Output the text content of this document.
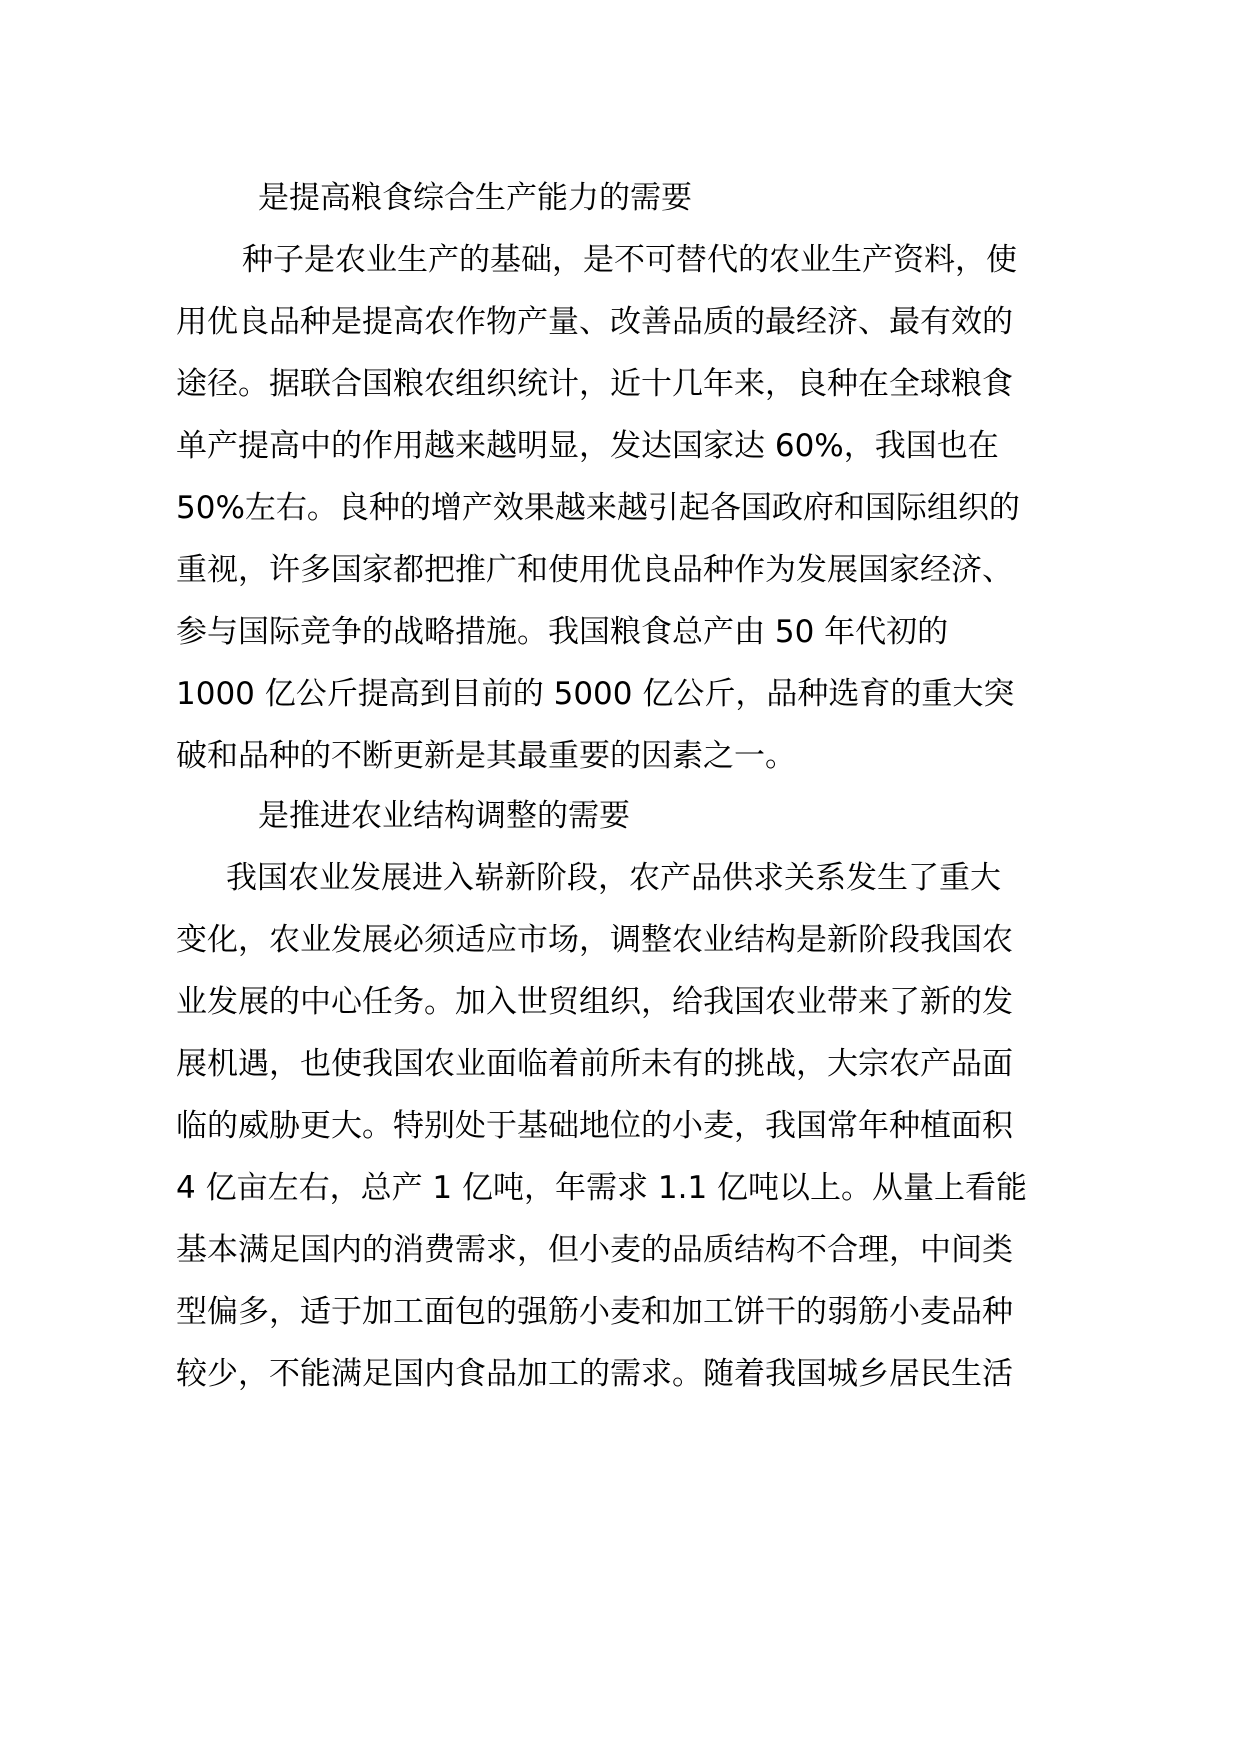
是提高粮食综合生产能力的需要
种子是农业生产的基础，是不可替代的农业生产资料，使
用优良品种是提高农作物产量、改善品质的最经济、最有效的
途径。据联合国粮农组织统计，近十几年来，良种在全球粮食
单产提高中的作用越来越明显，发达国家达 60%，我国也在
50%左右。良种的增产效果越来越引起各国政府和国际组织的
重视，许多国家都把推广和使用优良品种作为发展国家经济、
参与国际竞争的战略措施。我国粮食总产由 50 年代初的
1000 亿公斤提高到目前的 5000 亿公斤，品种选育的重大突
破和品种的不断更新是其最重要的因素之一。
是推进农业结构调整的需要
我国农业发展进入崭新阶段，农产品供求关系发生了重大
变化，农业发展必须适应市场，调整农业结构是新阶段我国农
业发展的中心任务。加入世贸组织，给我国农业带来了新的发
展机遇，也使我国农业面临着前所未有的挑战，大宗农产品面
临的威胁更大。特别处于基础地位的小麦，我国常年种植面积
4 亿亩左右，总产 1 亿吨，年需求 1.1 亿吨以上。从量上看能
基本满足国内的消费需求，但小麦的品质结构不合理，中间类
型偏多，适于加工面包的强筋小麦和加工饼干的弱筋小麦品种
较少，不能满足国内食品加工的需求。随着我国城乡居民生活
